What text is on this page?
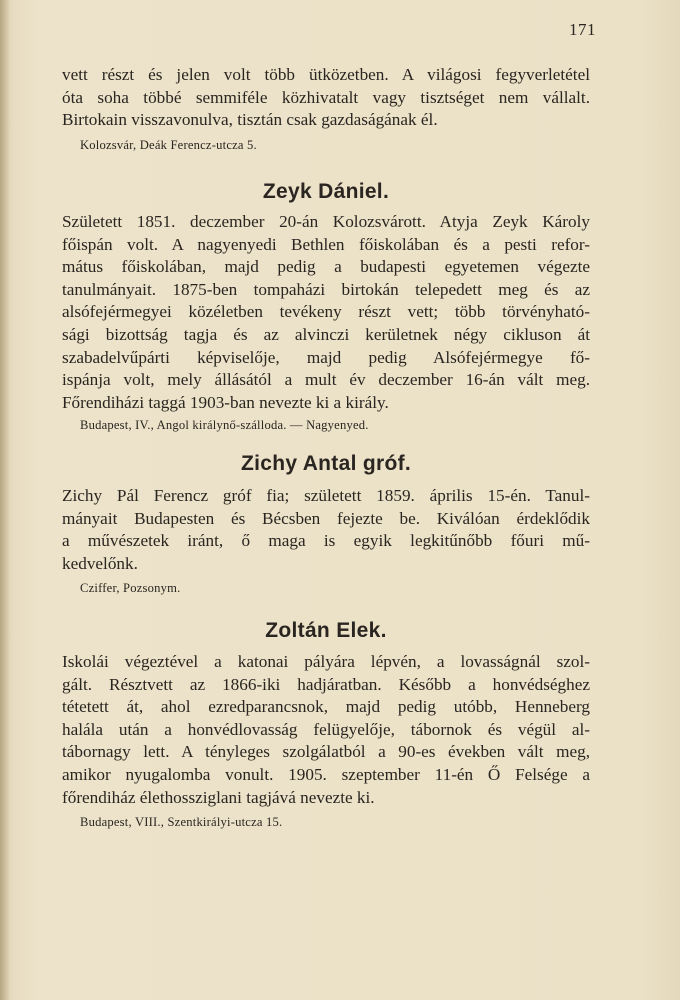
171
vett részt és jelen volt több ütközetben. A világosi fegyverletétel
óta soha többé semmiféle közhivatalt vagy tisztséget nem vállalt.
Birtokain visszavonulva, tisztán csak gazdaságának él.
Kolozsvár, Deák Ferencz-utcza 5.
Zeyk Dániel.
Született 1851. deczember 20-án Kolozsvárott. Atyja Zeyk Károly
főispán volt. A nagyenyedi Bethlen főiskolában és a pesti refor-
mátus főiskolában, majd pedig a budapesti egyetemen végezte
tanulmányait. 1875-ben tompaházi birtokán telepedett meg és az
alsófejérmegyei közéletben tevékeny részt vett; több törvényható-
sági bizottság tagja és az alvinczi kerületnek négy cikluson át
szabadelvűpárti képviselője, majd pedig Alsófejérmegye fő-
ispánja volt, mely állásától a mult év deczember 16-án vált meg.
Főrendiházi taggá 1903-ban nevezte ki a király.
Budapest, IV., Angol királynő-szálloda. — Nagyenyed.
Zichy Antal gróf.
Zichy Pál Ferencz gróf fia; született 1859. április 15-én. Tanul-
mányait Budapesten és Bécsben fejezte be. Kiválóan érdeklődik
a művészetek iránt, ő maga is egyik legkitűnőbb főuri mű-
kedvelőnk.
Cziffer, Pozsonym.
Zoltán Elek.
Iskolái végeztével a katonai pályára lépvén, a lovasságnál szol-
gált. Résztvett az 1866-iki hadjáratban. Később a honvédséghez
tétetett át, ahol ezredparancsnok, majd pedig utóbb, Henneberg
halála után a honvédlovasság felügyelője, tábornok és végül al-
tábornagy lett. A tényleges szolgálatból a 90-es években vált meg,
amikor nyugalomba vonult. 1905. szeptember 11-én Ő Felsége a
főrendiház élethossziglani tagjává nevezte ki.
Budapest, VIII., Szentkirályi-utcza 15.
